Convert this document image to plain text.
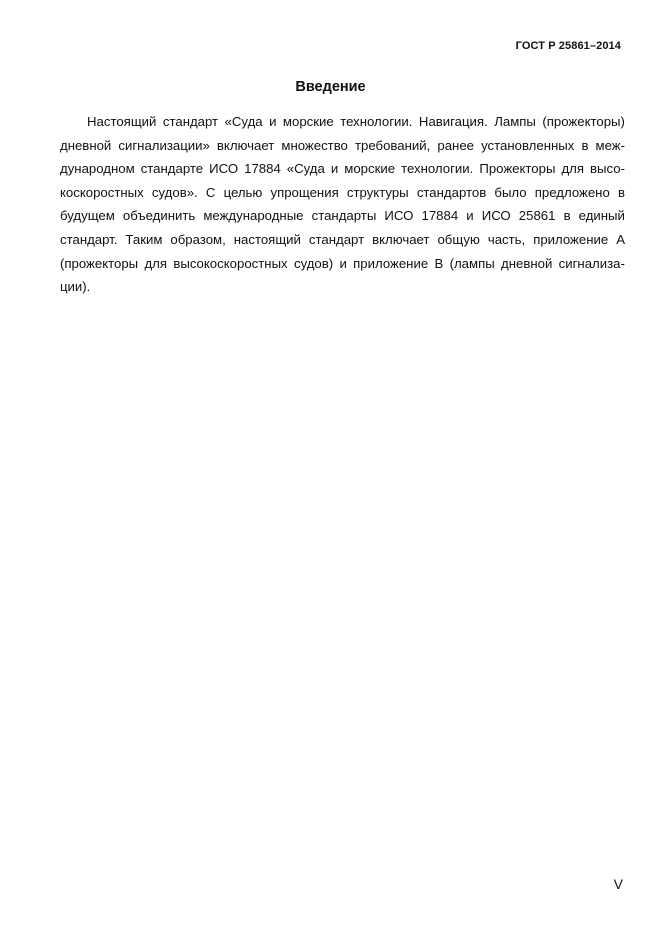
ГОСТ Р 25861–2014
Введение
Настоящий стандарт «Суда и морские технологии. Навигация. Лампы (прожекторы)
дневной сигнализации» включает множество требований, ранее установленных в меж-
дународном стандарте ИСО 17884 «Суда и морские технологии. Прожекторы для высо-
коскоростных судов». С целью упрощения структуры стандартов было предложено в
будущем объединить международные стандарты ИСО 17884 и ИСО 25861 в единый
стандарт. Таким образом, настоящий стандарт включает общую часть, приложение А
(прожекторы для высокоскоростных судов) и приложение В (лампы дневной сигнализа-
ции).
V
